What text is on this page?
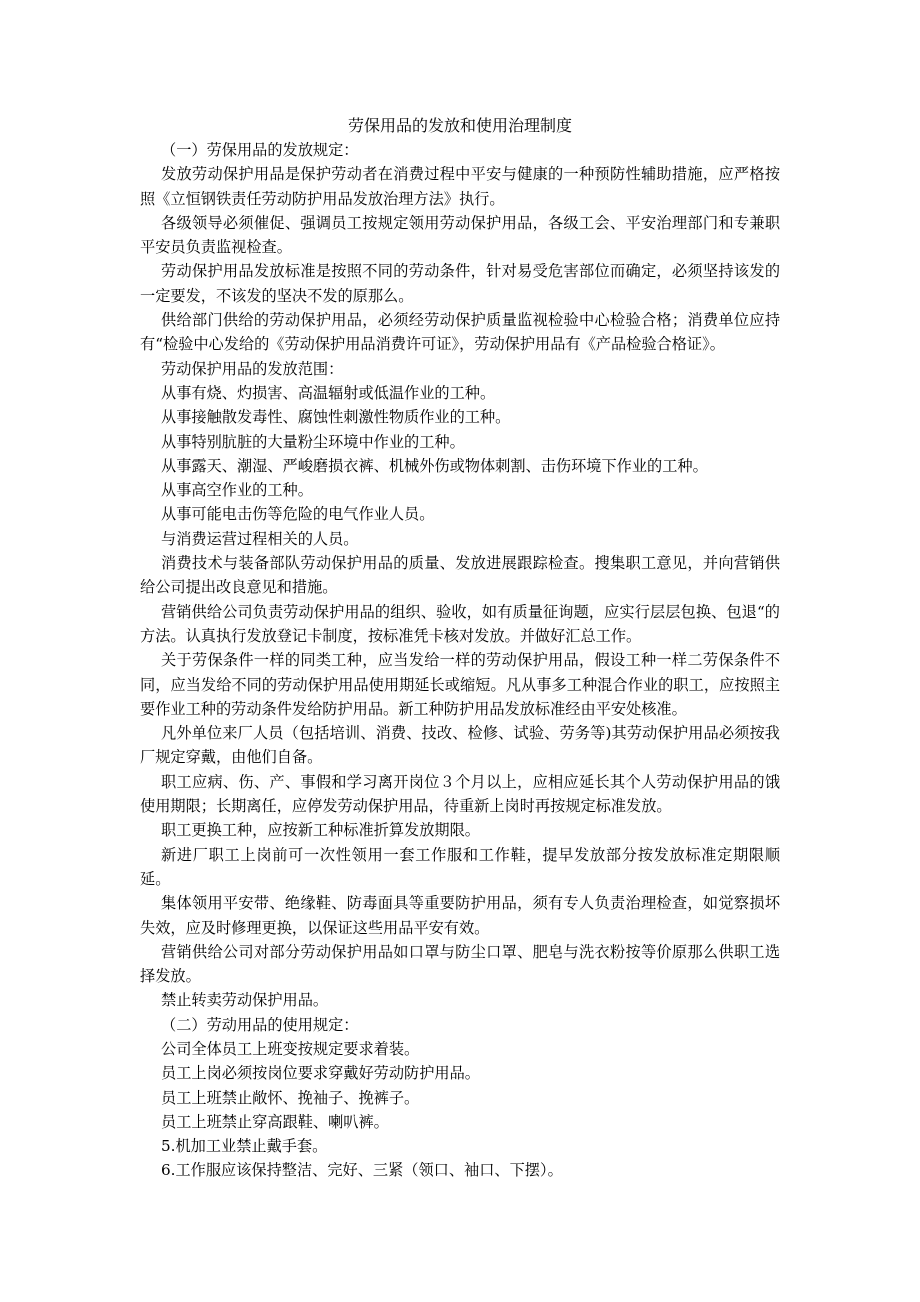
劳保用品的发放和使用治理制度

（一）劳保用品的发放规定：

发放劳动保护用品是保护劳动者在消费过程中平安与健康的一种预防性辅助措施，应严格按照《立恒钢铁责任劳动防护用品发放治理方法》执行。

各级领导必须催促、强调员工按规定领用劳动保护用品，各级工会、平安治理部门和专兼职平安员负责监视检查。

劳动保护用品发放标准是按照不同的劳动条件，针对易受危害部位而确定，必须坚持该发的一定要发，不该发的坚决不发的原那么。

供给部门供给的劳动保护用品，必须经劳动保护质量监视检验中心检验合格；消费单位应持有“检验中心发给的《劳动保护用品消费许可证》，劳动保护用品有《产品检验合格证》。

劳动保护用品的发放范围：

从事有烧、灼损害、高温辐射或低温作业的工种。

从事接触散发毒性、腐蚀性刺激性物质作业的工种。

从事特别肮脏的大量粉尘环境中作业的工种。

从事露天、潮湿、严峻磨损衣裤、机械外伤或物体刺割、击伤环境下作业的工种。

从事高空作业的工种。

从事可能电击伤等危险的电气作业人员。

与消费运营过程相关的人员。

消费技术与装备部队劳动保护用品的质量、发放进展跟踪检查。搜集职工意见，并向营销供给公司提出改良意见和措施。

营销供给公司负责劳动保护用品的组织、验收，如有质量征询题，应实行层层包换、包退“的方法。认真执行发放登记卡制度，按标准凭卡核对发放。并做好汇总工作。

关于劳保条件一样的同类工种，应当发给一样的劳动保护用品，假设工种一样二劳保条件不同，应当发给不同的劳动保护用品使用期延长或缩短。凡从事多工种混合作业的职工，应按照主要作业工种的劳动条件发给防护用品。新工种防护用品发放标准经由平安处核准。

凡外单位来厂人员（包括培训、消费、技改、检修、试验、劳务等)其劳动保护用品必须按我厂规定穿戴，由他们自备。

职工应病、伤、产、事假和学习离开岗位３个月以上，应相应延长其个人劳动保护用品的饿使用期限；长期离任，应停发劳动保护用品，待重新上岗时再按规定标准发放。

职工更换工种，应按新工种标准折算发放期限。

新进厂职工上岗前可一次性领用一套工作服和工作鞋，提早发放部分按发放标准定期限顺延。

集体领用平安带、绝缘鞋、防毒面具等重要防护用品，须有专人负责治理检查，如觉察损坏失效，应及时修理更换，以保证这些用品平安有效。

营销供给公司对部分劳动保护用品如口罩与防尘口罩、肥皂与洗衣粉按等价原那么供职工选择发放。

禁止转卖劳动保护用品。

（二）劳动用品的使用规定：

公司全体员工上班变按规定要求着装。

员工上岗必须按岗位要求穿戴好劳动防护用品。

员工上班禁止敞怀、挽袖子、挽裤子。

员工上班禁止穿高跟鞋、喇叭裤。

5.机加工业禁止戴手套。

6.工作服应该保持整洁、完好、三紧（领口、袖口、下摆）。
